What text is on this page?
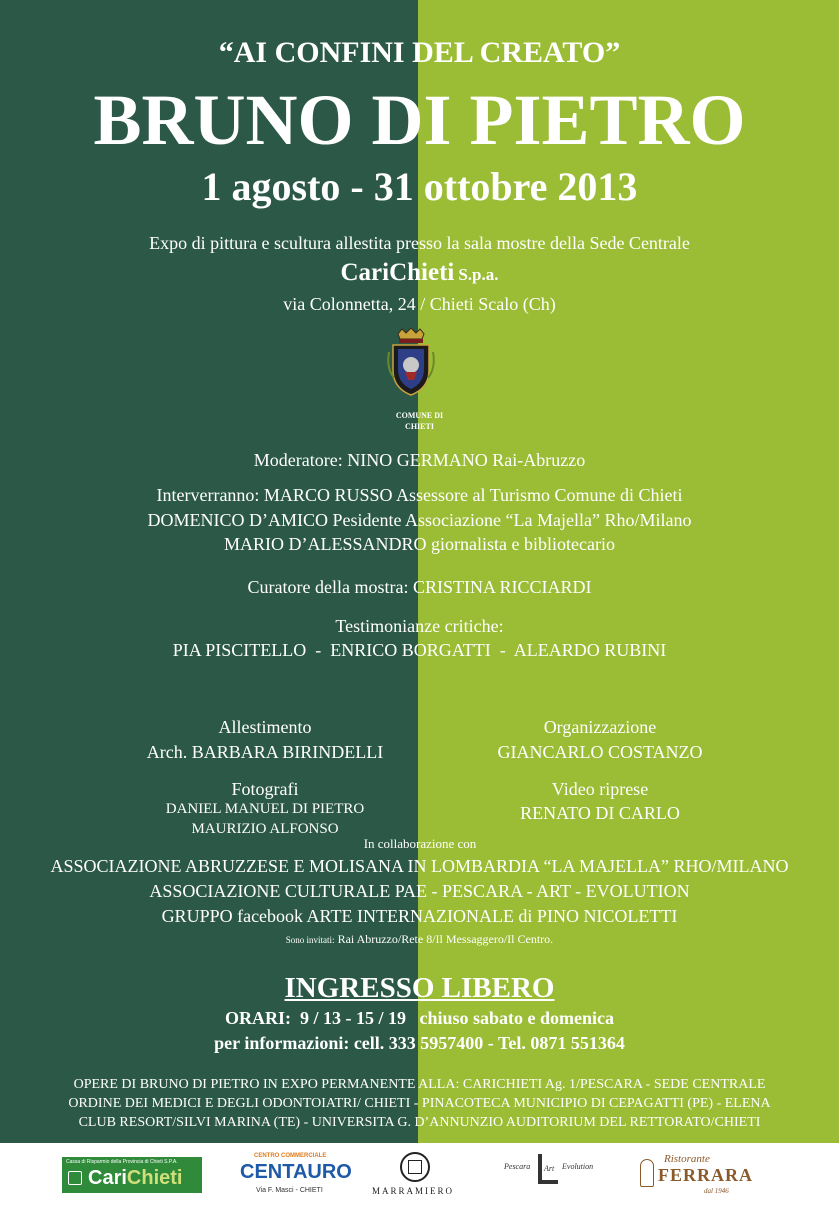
“AI CONFINI DEL CREATO”
BRUNO DI PIETRO
1 agosto - 31 ottobre 2013
Expo di pittura e scultura allestita presso la sala mostre della Sede Centrale
CariChieti S.p.a.
via Colonnetta, 24 / Chieti Scalo (Ch)
COMUNE DI
CHIETI
Moderatore: NINO GERMANO Rai-Abruzzo
Interverranno: MARCO RUSSO Assessore al Turismo Comune di Chieti
DOMENICO D’AMICO Pesidente Associazione “La Majella” Rho/Milano
MARIO D’ALESSANDRO giornalista e bibliotecario
Curatore della mostra: CRISTINA RICCIARDI
Testimonianze critiche:
PIA PISCITELLO  -  ENRICO BORGATTI  -  ALEARDO RUBINI
Allestimento
Arch. BARBARA BIRINDELLI
Organizzazione
GIANCARLO COSTANZO
Fotografi
DANIEL MANUEL DI PIETRO
MAURIZIO ALFONSO
Video riprese
RENATO DI CARLO
In collaborazione con
ASSOCIAZIONE ABRUZZESE E MOLISANA IN LOMBARDIA “LA MAJELLA” RHO/MILANO
ASSOCIAZIONE CULTURALE PAE - PESCARA - ART - EVOLUTION
GRUPPO facebook ARTE INTERNAZIONALE di PINO NICOLETTI
Sono invitati: Rai Abruzzo/Rete 8/Il Messaggero/Il Centro.
INGRESSO LIBERO
ORARI:  9 / 13 - 15 / 19   chiuso sabato e domenica
per informazioni: cell. 333 5957400 - Tel. 0871 551364
OPERE DI BRUNO DI PIETRO IN EXPO PERMANENTE ALLA: CARICHIETI Ag. 1/PESCARA - SEDE CENTRALE
ORDINE DEI MEDICI E DEGLI ODONTOIATRI/ CHIETI - PINACOTECA MUNICIPIO DI CEPAGATTI (PE) - ELENA
CLUB RESORT/SILVI MARINA (TE) - UNIVERSITA G. D’ANNUNZIO AUDITORIUM DEL RETTORATO/CHIETI
Cassa di Risparmio della Provincia di Chieti S.P.A.
CariChieti
CENTRO COMMERCIALE
CENTAURO
Via F. Masci - CHIETI	MARRAMIERO
Pescara Art Evolution
Ristorante
FERRARA
dal 1946
